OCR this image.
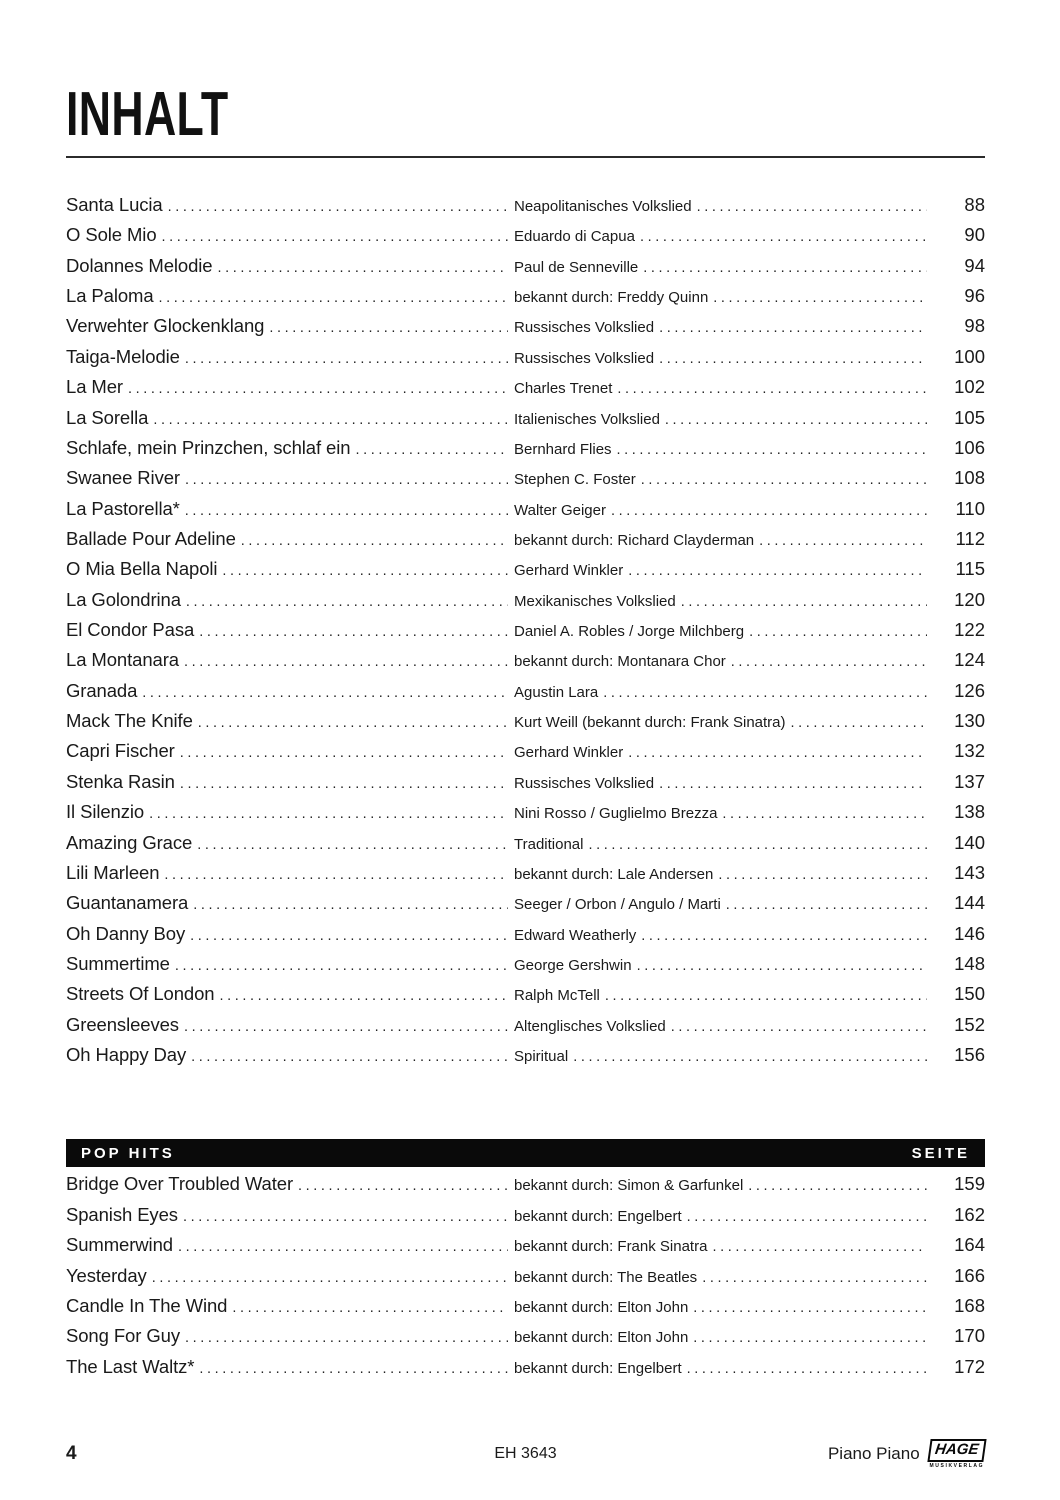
INHALT
Santa Lucia .....	Neapolitanisches Volkslied .....	88
O Sole Mio .....	Eduardo di Capua .....	90
Dolannes Melodie .....	Paul de Senneville .....	94
La Paloma .....	bekannt durch: Freddy Quinn .....	96
Verwehter Glockenklang .....	Russisches Volkslied .....	98
Taiga-Melodie .....	Russisches Volkslied .....	100
La Mer .....	Charles Trenet .....	102
La Sorella .....	Italienisches Volkslied .....	105
Schlafe, mein Prinzchen, schlaf ein .....	Bernhard Flies .....	106
Swanee River .....	Stephen C. Foster .....	108
La Pastorella* .....	Walter Geiger .....	110
Ballade Pour Adeline .....	bekannt durch: Richard Clayderman .....	112
O Mia Bella Napoli .....	Gerhard Winkler .....	115
La Golondrina .....	Mexikanisches Volkslied .....	120
El Condor Pasa .....	Daniel A. Robles / Jorge Milchberg .....	122
La Montanara .....	bekannt durch: Montanara Chor .....	124
Granada .....	Agustin Lara .....	126
Mack The Knife .....	Kurt Weill (bekannt durch: Frank Sinatra) .....	130
Capri Fischer .....	Gerhard Winkler .....	132
Stenka Rasin .....	Russisches Volkslied .....	137
Il Silenzio .....	Nini Rosso / Guglielmo Brezza .....	138
Amazing Grace .....	Traditional .....	140
Lili Marleen .....	bekannt durch: Lale Andersen .....	143
Guantanamera .....	Seeger / Orbon / Angulo / Marti .....	144
Oh Danny Boy .....	Edward Weatherly .....	146
Summertime .....	George Gershwin .....	148
Streets Of London .....	Ralph McTell .....	150
Greensleeves .....	Altenglisches Volkslied .....	152
Oh Happy Day .....	Spiritual .....	156
POP HITS	SEITE
Bridge Over Troubled Water .....	bekannt durch: Simon & Garfunkel .....	159
Spanish Eyes .....	bekannt durch: Engelbert .....	162
Summerwind .....	bekannt durch: Frank Sinatra .....	164
Yesterday .....	bekannt durch: The Beatles .....	166
Candle In The Wind .....	bekannt durch: Elton John .....	168
Song For Guy .....	bekannt durch: Elton John .....	170
The Last Waltz* .....	bekannt durch: Engelbert .....	172
4	EH 3643	Piano Piano HAGE
MUSIKVERLAG
